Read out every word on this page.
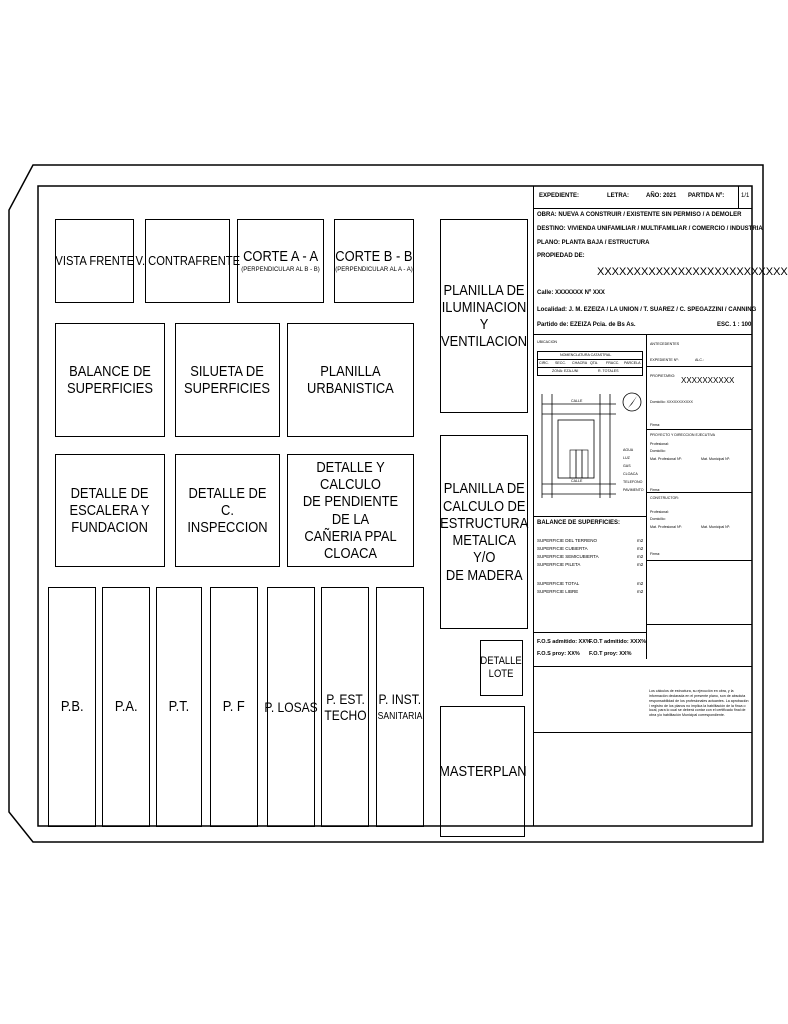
VISTA FRENTE V. CONTRAFRENTE CORTE A - A
(PERPENDICULAR AL B - B)
CORTE B - B
(PERPENDICULAR AL A - A)
BALANCE DE
SUPERFICIES
SILUETA DE
SUPERFICIES
PLANILLA
URBANISTICA
DETALLE DE
ESCALERA Y
FUNDACION
DETALLE DE
C. INSPECCION
DETALLE Y CALCULO
DE PENDIENTE DE LA
CAÑERIA PPAL CLOACA
PLANILLA DE
ILUMINACION
Y VENTILACION
PLANILLA DE
CALCULO DE
ESTRUCTURA
METALICA Y/O
DE MADERA
DETALLE
LOTE
MASTERPLAN
P.B. P.A. P.T. P. F P. LOSAS
P. EST.
TECHO
P. INST.
SANITARIA
EXPEDIENTE:	LETRA:	AÑO: 2021 PARTIDA Nº:	1/1
OBRA: NUEVA A CONSTRUIR / EXISTENTE SIN PERMISO / A DEMOLER
DESTINO: VIVIENDA UNIFAMILIAR / MULTIFAMILIAR / COMERCIO / INDUSTRIA
PLANO: PLANTA BAJA / ESTRUCTURA
PROPIEDAD DE:
XXXXXXXXXXXXXXXXXXXXXXXXXX
Calle: XXXXXXX Nº XXX
Localidad: J. M. EZEIZA / LA UNION / T. SUAREZ / C. SPEGAZZINI / CANNING
Partido de: EZEIZA Pcia. de Bs As.	ESC. 1 : 100
UBICACION
NOMENCLATURA CATASTRAL
CIRC. SECC. CHACRA QTA. FRACC. PARCELA
ZONA: EZA-UNI	R. TOTALES
CALLE
CALLE
AGUA
LUZ
GAS
CLOACA
TELEFONO
PAVIMENTO
BALANCE DE SUPERFICIES:
SUPERFICIE DEL TERRENO	m2
SUPERFICIE CUBIERTA	m2
SUPERFICIE SEMICUBIERTA	m2
SUPERFICIE PILETA	m2
SUPERFICIE TOTAL	m2
SUPERFICIE LIBRE	m2
F.O.S admitido: XX%
F.O.T admitido: XXX%
F.O.S proy: XX% F.O.T proy: XX%
ANTECEDENTES
EXPEDIENTE Nº:	ALC.:
PROPIETARIO: XXXXXXXXXX
Domicilio: XXXXXXXXXXX
Firma:
PROYECTO Y DIRECCION EJECUTIVA
Profesional:
Domicilio:
Mat. Profesional Nº:	Mat. Municipal Nº:
Firma:
CONSTRUCTOR:
Profesional:
Domicilio:
Mat. Profesional Nº:	Mat. Municipal Nº:
Firma:
Los cálculos de estructura, su ejecución en obra, y la información declarada en el presente plano, son de absoluta responsabilidad de los profesionales actuantes. La aprobación / registro de los planos no implica la habilitación de la finca o local, para lo cual se deberá contar con el certificado final de obra y/o habilitación Municipal correspondiente.
